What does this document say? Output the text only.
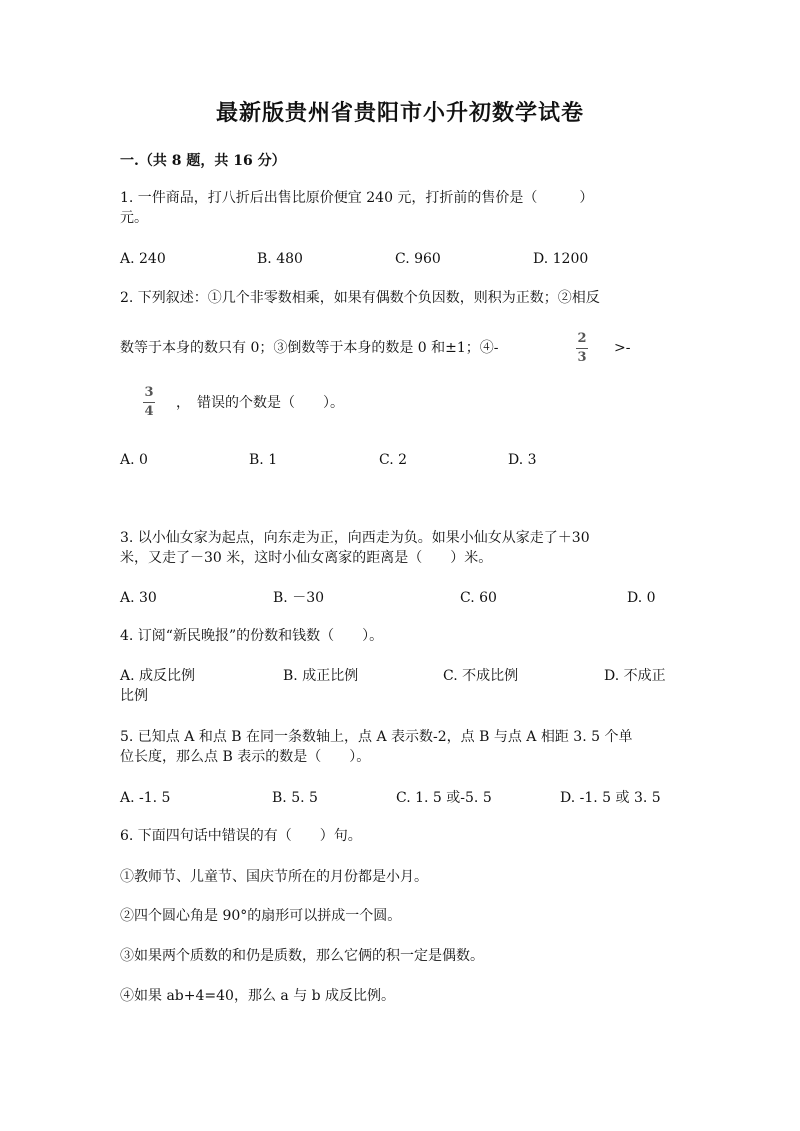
最新版贵州省贵阳市小升初数学试卷
一.（共 8 题，共 16 分）
1. 一件商品，打八折后出售比原价便宜 240 元，打折前的售价是（　　　）
元。
A. 240	B. 480	C. 960	D. 1200
2. 下列叙述：①几个非零数相乘，如果有偶数个负因数，则积为正数；②相反
数等于本身的数只有 0；③倒数等于本身的数是 0 和±1；④-
2
3
>-
3
4
，　错误的个数是（　　）。
A. 0	B. 1	C. 2	D. 3
3. 以小仙女家为起点，向东走为正，向西走为负。如果小仙女从家走了＋30
米，又走了－30 米，这时小仙女离家的距离是（　　）米。
A. 30	B. －30	C. 60	D. 0
4. 订阅“新民晚报”的份数和钱数（　　）。
A. 成反比例	B. 成正比例	C. 不成比例	D. 不成正
比例
5. 已知点 A 和点 B 在同一条数轴上，点 A 表示数-2，点 B 与点 A 相距 3. 5 个单
位长度，那么点 B 表示的数是（　　）。
A. -1. 5	B. 5. 5	C. 1. 5 或-5. 5	D. -1. 5 或 3. 5
6. 下面四句话中错误的有（　　）句。
①教师节、儿童节、国庆节所在的月份都是小月。
②四个圆心角是 90°的扇形可以拼成一个圆。
③如果两个质数的和仍是质数，那么它俩的积一定是偶数。
④如果 ab+4=40，那么 a 与 b 成反比例。
